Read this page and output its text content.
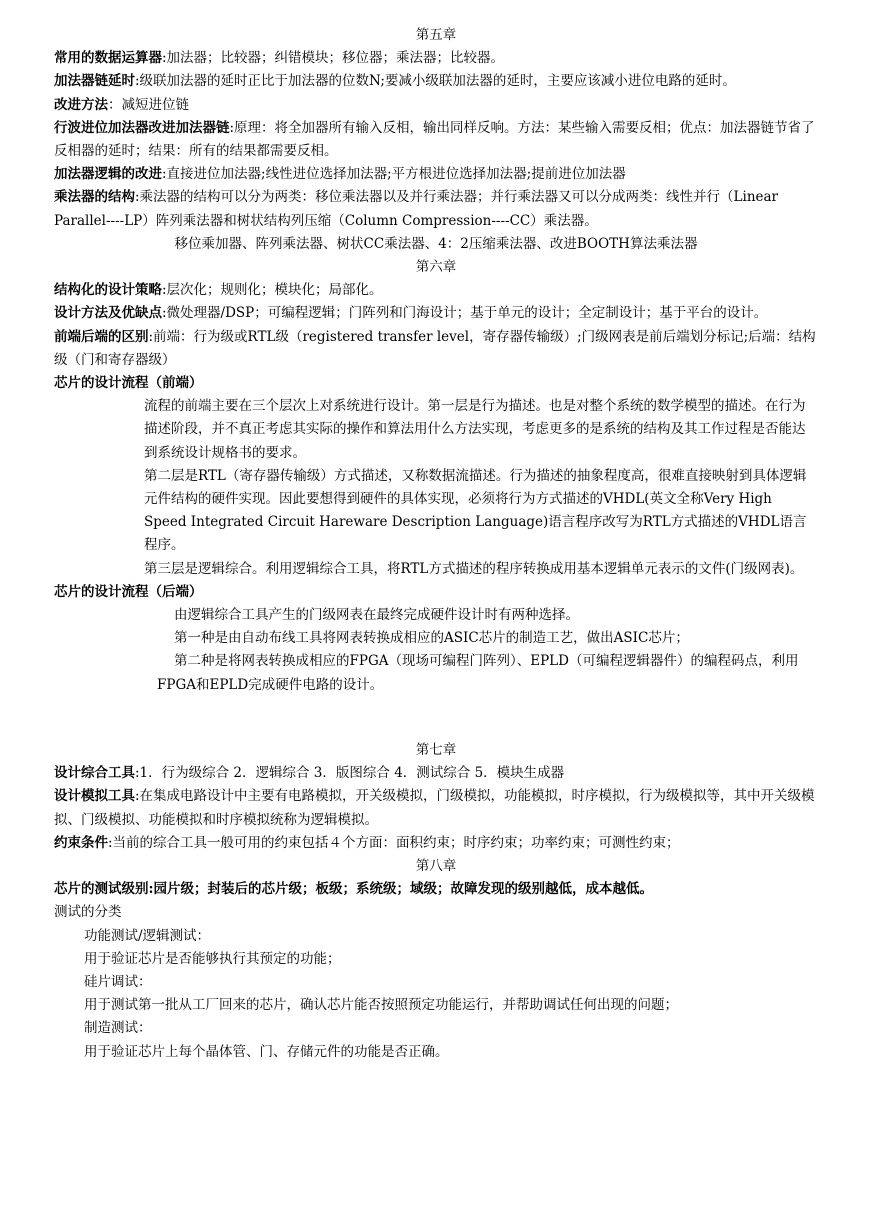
第五章

常用的数据运算器:加法器；比较器；纠错模块；移位器；乘法器；比较器。

加法器链延时:级联加法器的延时正比于加法器的位数N;要减小级联加法器的延时，主要应该减小进位电路的延时。

改进方法：减短进位链

行波进位加法器改进加法器链:原理：将全加器所有输入反相，输出同样反响。方法：某些输入需要反相；优点：加法器链节省了反相器的延时；结果：所有的结果都需要反相。

加法器逻辑的改进:直接进位加法器;线性进位选择加法器;平方根进位选择加法器;提前进位加法器

乘法器的结构:乘法器的结构可以分为两类：移位乘法器以及并行乘法器；并行乘法器又可以分成两类：线性并行（Linear Parallel----LP）阵列乘法器和树状结构列压缩（Column Compression----CC）乘法器。

移位乘加器、阵列乘法器、树状CC乘法器、4：2压缩乘法器、改进BOOTH算法乘法器

第六章

结构化的设计策略:层次化；规则化；模块化；局部化。

设计方法及优缺点:微处理器/DSP；可编程逻辑；门阵列和门海设计；基于单元的设计；全定制设计；基于平台的设计。

前端后端的区别:前端：行为级或RTL级（registered transfer level，寄存器传输级）;门级网表是前后端划分标记;后端：结构级（门和寄存器级）

芯片的设计流程（前端）

流程的前端主要在三个层次上对系统进行设计。第一层是行为描述。也是对整个系统的数学模型的描述。在行为描述阶段，并不真正考虑其实际的操作和算法用什么方法实现，考虑更多的是系统的结构及其工作过程是否能达到系统设计规格书的要求。

第二层是RTL（寄存器传输级）方式描述，又称数据流描述。行为描述的抽象程度高，很难直接映射到具体逻辑元件结构的硬件实现。因此要想得到硬件的具体实现，必须将行为方式描述的VHDL(英文全称Very High Speed Integrated Circuit Hareware Description Language)语言程序改写为RTL方式描述的VHDL语言程序。

第三层是逻辑综合。利用逻辑综合工具，将RTL方式描述的程序转换成用基本逻辑单元表示的文件(门级网表)。

芯片的设计流程（后端）

由逻辑综合工具产生的门级网表在最终完成硬件设计时有两种选择。

第一种是由自动布线工具将网表转换成相应的ASIC芯片的制造工艺，做出ASIC芯片；

第二种是将网表转换成相应的FPGA（现场可编程门阵列）、EPLD（可编程逻辑器件）的编程码点，利用FPGA和EPLD完成硬件电路的设计。

第七章

设计综合工具:1．行为级综合 2．逻辑综合 3．版图综合 4．测试综合 5．模块生成器

设计模拟工具:在集成电路设计中主要有电路模拟，开关级模拟，门级模拟，功能模拟，时序模拟，行为级模拟等，其中开关级模拟、门级模拟、功能模拟和时序模拟统称为逻辑模拟。

约束条件:当前的综合工具一般可用的约束包括４个方面：面积约束；时序约束；功率约束；可测性约束；

第八章

芯片的测试级别:园片级；封装后的芯片级；板级；系统级；域级；故障发现的级别越低，成本越低。

测试的分类

功能测试/逻辑测试：

用于验证芯片是否能够执行其预定的功能；

硅片调试：

用于测试第一批从工厂回来的芯片，确认芯片能否按照预定功能运行，并帮助调试任何出现的问题；

制造测试：

用于验证芯片上每个晶体管、门、存储元件的功能是否正确。
